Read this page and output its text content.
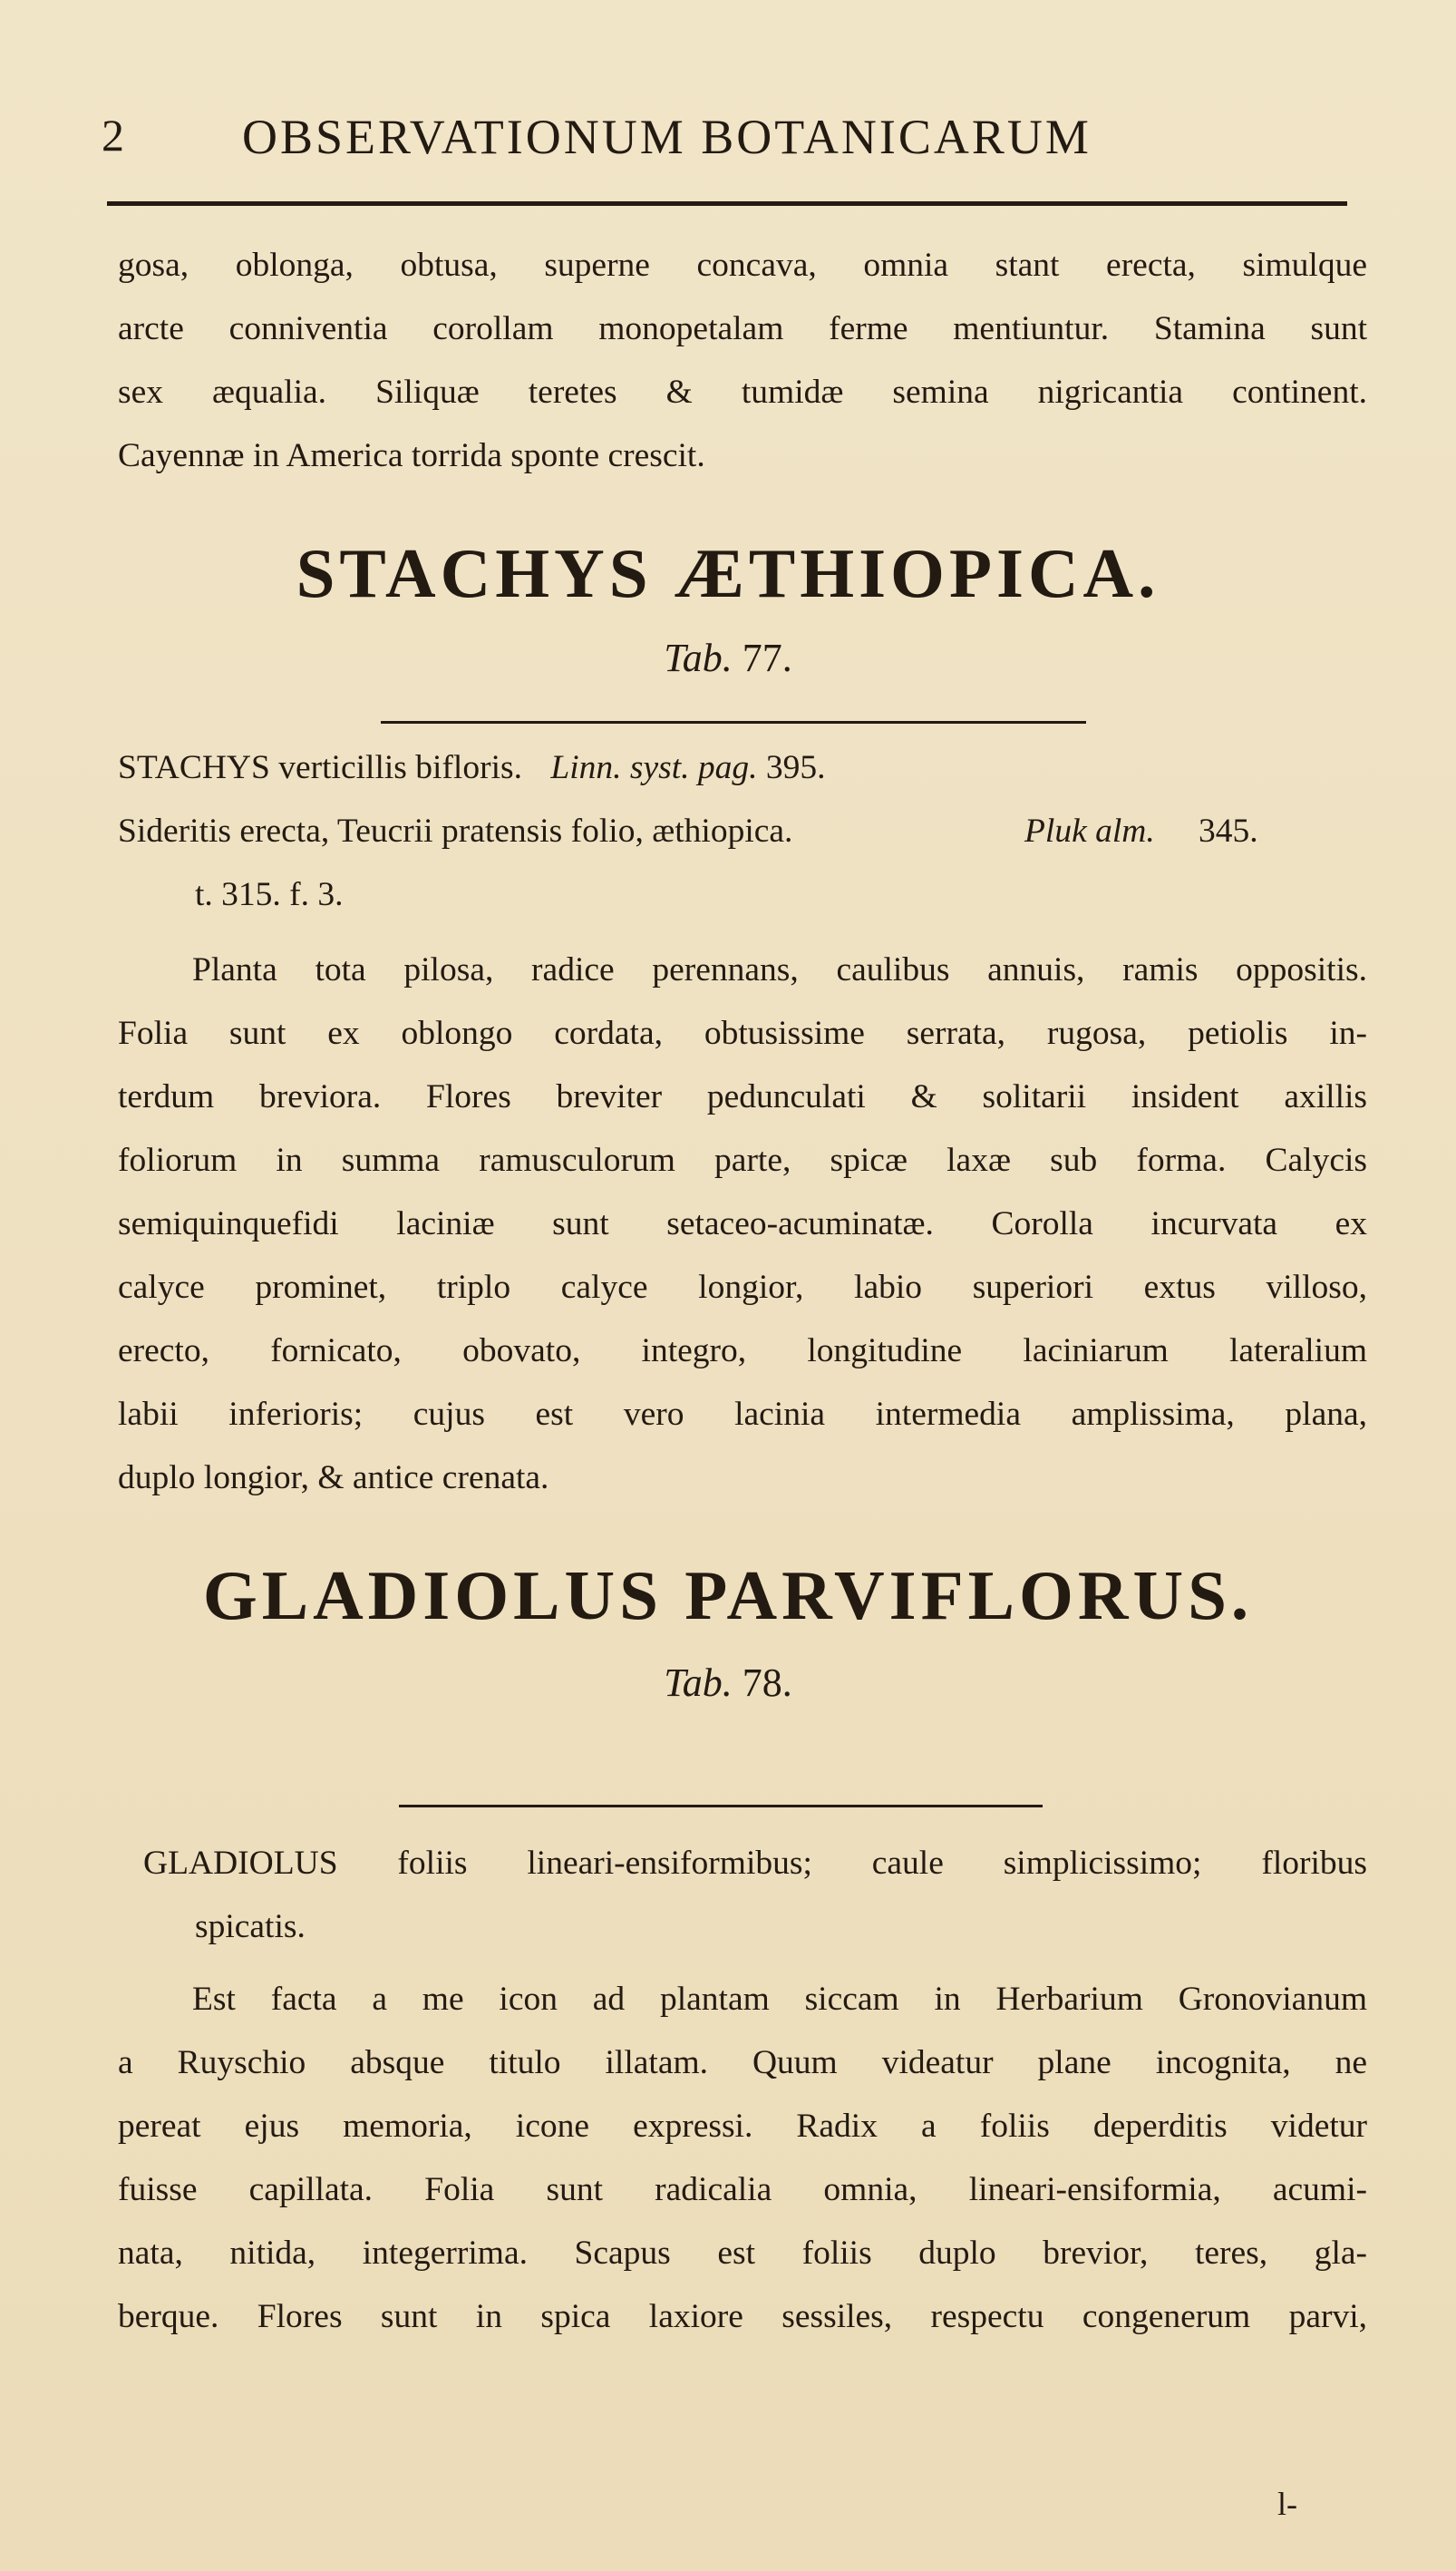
2 OBSERVATIONUM BOTANICARUM

gosa, oblonga, obtusa, superne concava, omnia stant erecta, simulque

arcte conniventia corollam monopetalam ferme mentiuntur. Stamina sunt

sex æqualia. Siliquæ teretes & tumidæ semina nigricantia continent.

Cayennæ in America torrida sponte crescit.

STACHYS ÆTHIOPICA.
Tab. 77.
STACHYS verticillis bifloris. Linn. syst. pag. 395.
Sideritis erecta, Teucrii pratensis folio, æthiopica.	Pluk alm. 345.
t. 315. f. 3.

Planta tota pilosa, radice perennans, caulibus annuis, ramis oppositis.

Folia sunt ex oblongo cordata, obtusissime serrata, rugosa, petiolis in-

terdum breviora. Flores breviter pedunculati & solitarii insident axillis

foliorum in summa ramusculorum parte, spicæ laxæ sub forma. Calycis

semiquinquefidi laciniæ sunt setaceo-acuminatæ. Corolla incurvata ex

calyce prominet, triplo calyce longior, labio superiori extus villoso,

erecto, fornicato, obovato, integro, longitudine laciniarum lateralium

labii inferioris; cujus est vero lacinia intermedia amplissima, plana,

duplo longior, & antice crenata.

GLADIOLUS PARVIFLORUS.
Tab. 78.

GLADIOLUS foliis lineari-ensiformibus; caule simplicissimo; floribus

spicatis.

Est facta a me icon ad plantam siccam in Herbarium Gronovianum

a Ruyschio absque titulo illatam. Quum videatur plane incognita, ne

pereat ejus memoria, icone expressi. Radix a foliis deperditis videtur

fuisse capillata. Folia sunt radicalia omnia, lineari-ensiformia, acumi-

nata, nitida, integerrima. Scapus est foliis duplo brevior, teres, gla-

berque. Flores sunt in spica laxiore sessiles, respectu congenerum parvi,

l-
